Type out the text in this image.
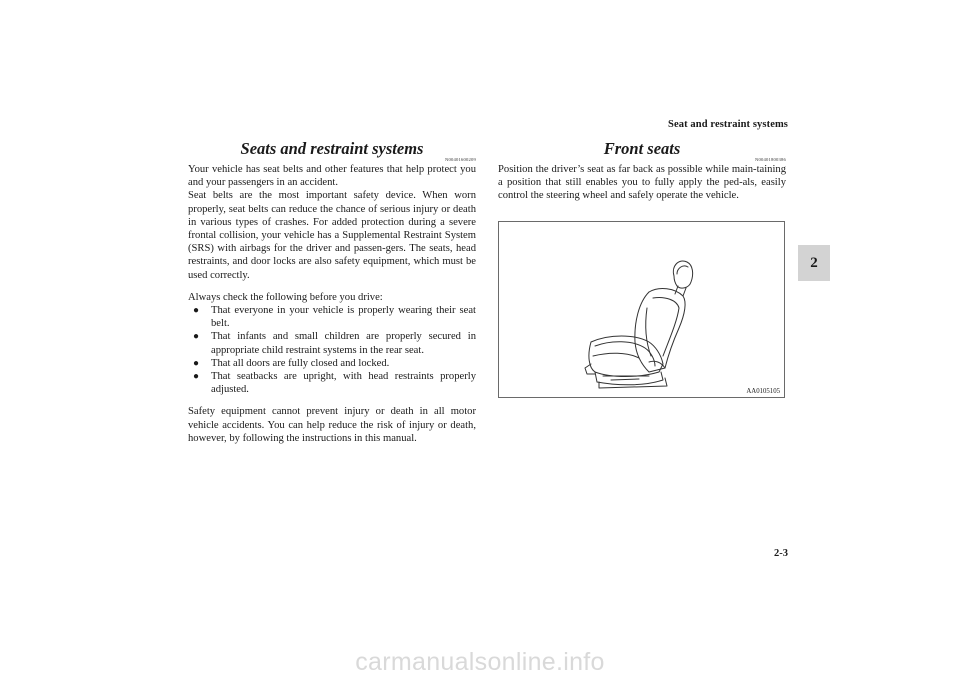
Seat and restraint systems
2
Seats and restraint systems
N00401600209

Your vehicle has seat belts and other features that help protect you and your passengers in an accident.

Seat belts are the most important safety device. When worn properly, seat belts can reduce the chance of serious injury or death in various types of crashes. For added protection during a severe frontal collision, your vehicle has a Supplemental Restraint System (SRS) with airbags for the driver and passen-gers. The seats, head restraints, and door locks are also safety equipment, which must be used correctly.

Always check the following before you drive:

● That everyone in your vehicle is properly wearing their seat belt.
● That infants and small children are properly secured in appropriate child restraint systems in the rear seat.
● That all doors are fully closed and locked.
● That seatbacks are upright, with head restraints properly adjusted.

Safety equipment cannot prevent injury or death in all motor vehicle accidents. You can help reduce the risk of injury or death, however, by following the instructions in this manual.

Front seats
N00401800386

Position the driver’s seat as far back as possible while main-taining a position that still enables you to fully apply the ped-als, easily control the steering wheel and safely operate the vehicle.

AA0105105
2-3
carmanualsonline.info
